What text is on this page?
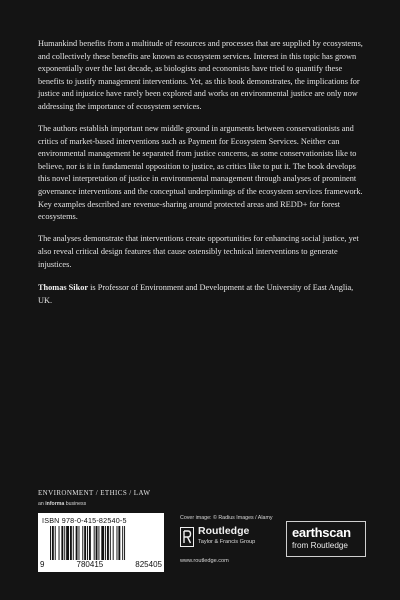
Humankind benefits from a multitude of resources and processes that are supplied by ecosystems, and collectively these benefits are known as ecosystem services. Interest in this topic has grown exponentially over the last decade, as biologists and economists have tried to quantify these benefits to justify management interventions. Yet, as this book demonstrates, the implications for justice and injustice have rarely been explored and works on environmental justice are only now addressing the importance of ecosystem services.

The authors establish important new middle ground in arguments between conservationists and critics of market-based interventions such as Payment for Ecosystem Services. Neither can environmental management be separated from justice concerns, as some conservationists like to believe, nor is it in fundamental opposition to justice, as critics like to put it. The book develops this novel interpretation of justice in environmental management through analyses of prominent governance interventions and the conceptual underpinnings of the ecosystem services framework. Key examples described are revenue-sharing around protected areas and REDD+ for forest ecosystems.

The analyses demonstrate that interventions create opportunities for enhancing social justice, yet also reveal critical design features that cause ostensibly technical interventions to generate injustices.

Thomas Sikor is Professor of Environment and Development at the University of East Anglia, UK.

ENVIRONMENT / ETHICS / LAW
an informa business
ISBN 978-0-415-82540-5
9	780415	825405
Cover image: © Radius Images / Alamy
Routledge
Taylor & Francis Group
www.routledge.com
earthscan
from Routledge
